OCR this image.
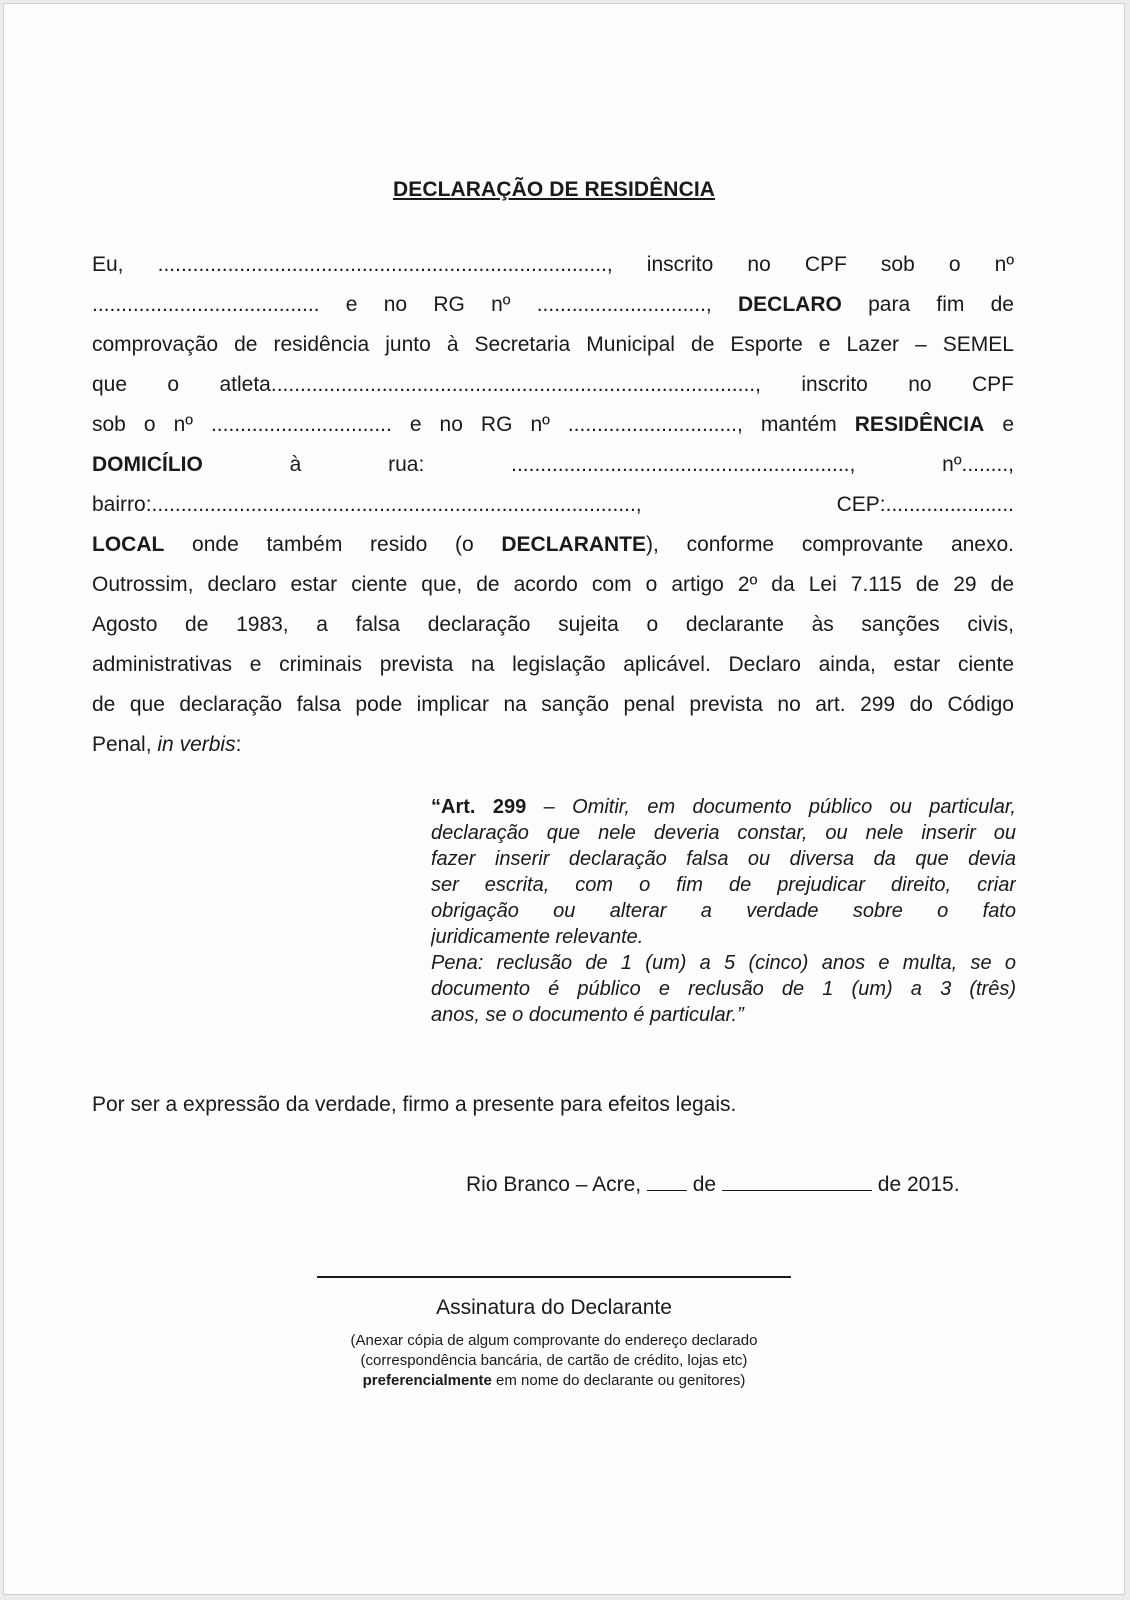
DECLARAÇÃO DE RESIDÊNCIA
Eu, ............................................................................., inscrito no CPF sob o nº
....................................... e no RG nº ............................., DECLARO para fim de
comprovação de residência junto à Secretaria Municipal de Esporte e Lazer – SEMEL
que o atleta..................................................................................., inscrito no CPF
sob o nº ............................... e no RG nº ............................., mantém RESIDÊNCIA e
DOMICÍLIO à rua: .........................................................., nº........,
bairro:..................................................................................., CEP:......................
LOCAL onde também resido (o DECLARANTE), conforme comprovante anexo.
Outrossim, declaro estar ciente que, de acordo com o artigo 2º da Lei 7.115 de 29 de
Agosto de 1983, a falsa declaração sujeita o declarante às sanções civis,
administrativas e criminais prevista na legislação aplicável. Declaro ainda, estar ciente
de que declaração falsa pode implicar na sanção penal prevista no art. 299 do Código
Penal, in verbis:
“Art. 299 – Omitir, em documento público ou particular,
declaração que nele deveria constar, ou nele inserir ou
fazer inserir declaração falsa ou diversa da que devia
ser escrita, com o fim de prejudicar direito, criar
obrigação ou alterar a verdade sobre o fato
juridicamente relevante.
Pena: reclusão de 1 (um) a 5 (cinco) anos e multa, se o
documento é público e reclusão de 1 (um) a 3 (três)
anos, se o documento é particular.”
Por ser a expressão da verdade, firmo a presente para efeitos legais.
Rio Branco – Acre,  de	de 2015.
Assinatura do Declarante
(Anexar cópia de algum comprovante do endereço declarado
(correspondência bancária, de cartão de crédito, lojas etc)
preferencialmente em nome do declarante ou genitores)
